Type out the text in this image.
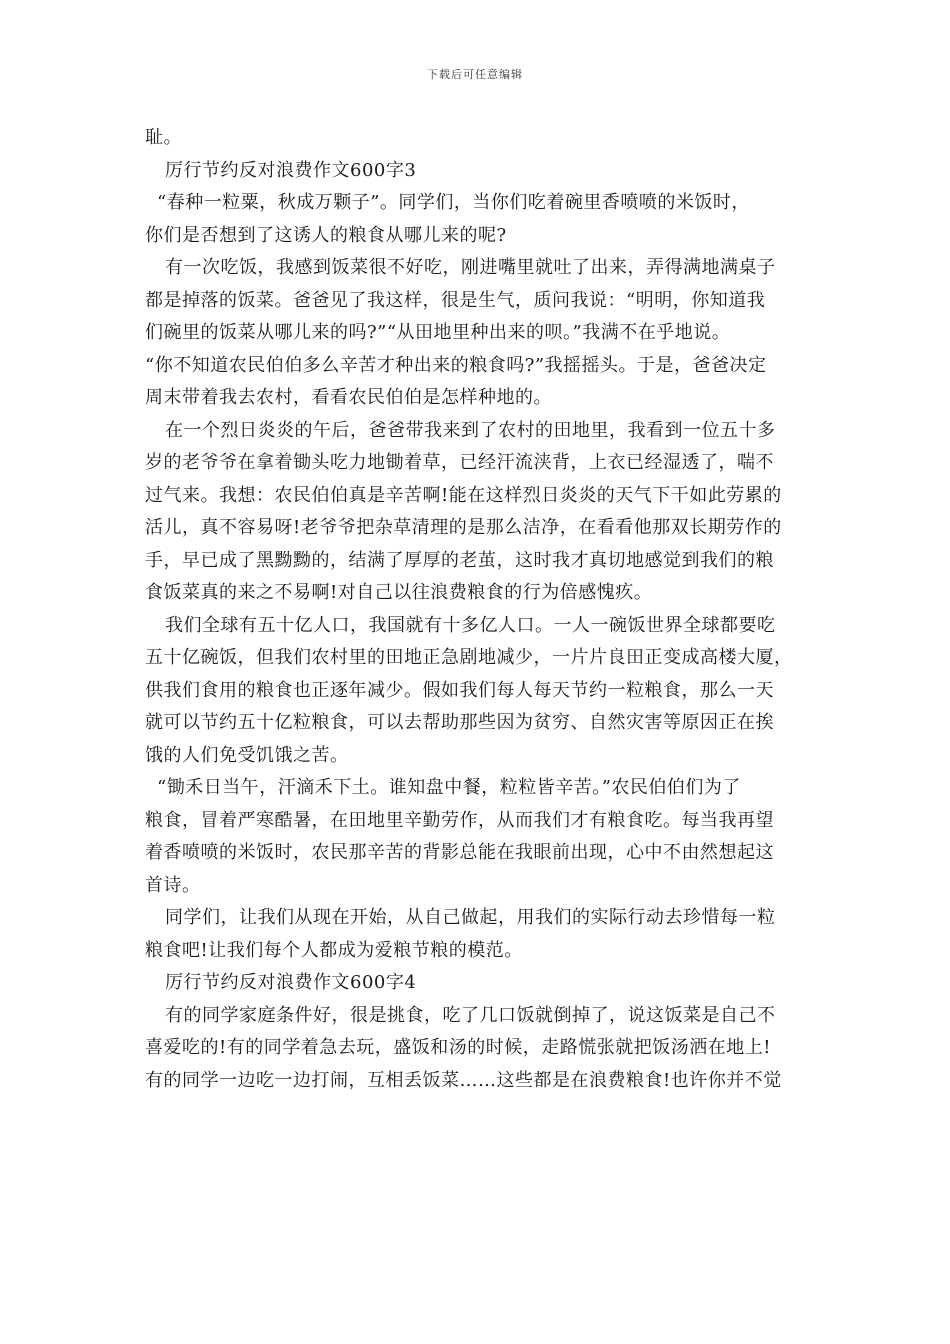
下载后可任意编辑
耻。
厉行节约反对浪费作文600字3
“春种一粒粟，秋成万颗子”。同学们，当你们吃着碗里香喷喷的米饭时，
你们是否想到了这诱人的粮食从哪儿来的呢?
有一次吃饭，我感到饭菜很不好吃，刚进嘴里就吐了出来，弄得满地满桌子
都是掉落的饭菜。爸爸见了我这样，很是生气，质问我说：“明明，你知道我
们碗里的饭菜从哪儿来的吗?”“从田地里种出来的呗。”我满不在乎地说。
“你不知道农民伯伯多么辛苦才种出来的粮食吗?”我摇摇头。于是，爸爸决定
周末带着我去农村，看看农民伯伯是怎样种地的。
在一个烈日炎炎的午后，爸爸带我来到了农村的田地里，我看到一位五十多
岁的老爷爷在拿着锄头吃力地锄着草，已经汗流浃背，上衣已经湿透了，喘不
过气来。我想：农民伯伯真是辛苦啊!能在这样烈日炎炎的天气下干如此劳累的
活儿，真不容易呀!老爷爷把杂草清理的是那么洁净，在看看他那双长期劳作的
手，早已成了黑黝黝的，结满了厚厚的老茧，这时我才真切地感觉到我们的粮
食饭菜真的来之不易啊!对自己以往浪费粮食的行为倍感愧疚。
我们全球有五十亿人口，我国就有十多亿人口。一人一碗饭世界全球都要吃
五十亿碗饭，但我们农村里的田地正急剧地减少，一片片良田正变成高楼大厦，
供我们食用的粮食也正逐年减少。假如我们每人每天节约一粒粮食，那么一天
就可以节约五十亿粒粮食，可以去帮助那些因为贫穷、自然灾害等原因正在挨
饿的人们免受饥饿之苦。
“锄禾日当午，汗滴禾下土。谁知盘中餐，粒粒皆辛苦。”农民伯伯们为了
粮食，冒着严寒酷暑，在田地里辛勤劳作，从而我们才有粮食吃。每当我再望
着香喷喷的米饭时，农民那辛苦的背影总能在我眼前出现，心中不由然想起这
首诗。
同学们，让我们从现在开始，从自己做起，用我们的实际行动去珍惜每一粒
粮食吧!让我们每个人都成为爱粮节粮的模范。
厉行节约反对浪费作文600字4
有的同学家庭条件好，很是挑食，吃了几口饭就倒掉了，说这饭菜是自己不
喜爱吃的!有的同学着急去玩，盛饭和汤的时候，走路慌张就把饭汤洒在地上!
有的同学一边吃一边打闹，互相丢饭菜……这些都是在浪费粮食!也许你并不觉
